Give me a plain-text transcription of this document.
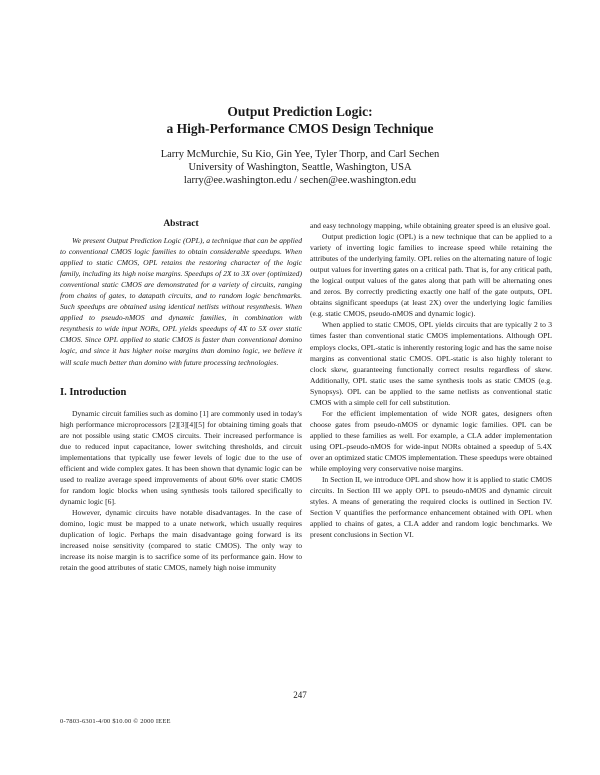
Output Prediction Logic:
a High-Performance CMOS Design Technique
Larry McMurchie, Su Kio, Gin Yee, Tyler Thorp, and Carl Sechen
University of Washington, Seattle, Washington, USA
larry@ee.washington.edu / sechen@ee.washington.edu
Abstract

We present Output Prediction Logic (OPL), a technique that can be applied to conventional CMOS logic families to obtain considerable speedups. When applied to static CMOS, OPL retains the restoring character of the logic family, including its high noise margins. Speedups of 2X to 3X over (optimized) conventional static CMOS are demonstrated for a variety of circuits, ranging from chains of gates, to datapath circuits, and to random logic benchmarks. Such speedups are obtained using identical netlists without resynthesis. When applied to pseudo-nMOS and dynamic families, in combination with resynthesis to wide input NORs, OPL yields speedups of 4X to 5X over static CMOS. Since OPL applied to static CMOS is faster than conventional domino logic, and since it has higher noise margins than domino logic, we believe it will scale much better than domino with future processing technologies.

I. Introduction

Dynamic circuit families such as domino [1] are commonly used in today's high performance microprocessors [2][3][4][5] for obtaining timing goals that are not possible using static CMOS circuits. Their increased performance is due to reduced input capacitance, lower switching thresholds, and circuit implementations that typically use fewer levels of logic due to the use of efficient and wide complex gates. It has been shown that dynamic logic can be used to realize average speed improvements of about 60% over static CMOS for random logic blocks when using synthesis tools tailored specifically to dynamic logic [6].

However, dynamic circuits have notable disadvantages. In the case of domino, logic must be mapped to a unate network, which usually requires duplication of logic. Perhaps the main disadvantage going forward is its increased noise sensitivity (compared to static CMOS). The only way to increase its noise margin is to sacrifice some of its performance gain. How to retain the good attributes of static CMOS, namely high noise immunity

and easy technology mapping, while obtaining greater speed is an elusive goal.

Output prediction logic (OPL) is a new technique that can be applied to a variety of inverting logic families to increase speed while retaining the attributes of the underlying family. OPL relies on the alternating nature of logic output values for inverting gates on a critical path. That is, for any critical path, the logical output values of the gates along that path will be alternating ones and zeros. By correctly predicting exactly one half of the gate outputs, OPL obtains significant speedups (at least 2X) over the underlying logic families (e.g. static CMOS, pseudo-nMOS and dynamic logic).

When applied to static CMOS, OPL yields circuits that are typically 2 to 3 times faster than conventional static CMOS implementations. Although OPL employs clocks, OPL-static is inherently restoring logic and has the same noise margins as conventional static CMOS. OPL-static is also highly tolerant to clock skew, guaranteeing functionally correct results regardless of skew. Additionally, OPL static uses the same synthesis tools as static CMOS (e.g. Synopsys). OPL can be applied to the same netlists as conventional static CMOS with a simple cell for cell substitution.

For the efficient implementation of wide NOR gates, designers often choose gates from pseudo-nMOS or dynamic logic families. OPL can be applied to these families as well. For example, a CLA adder implementation using OPL-pseudo-nMOS for wide-input NORs obtained a speedup of 5.4X over an optimized static CMOS implementation. These speedups were obtained while employing very conservative noise margins.

In Section II, we introduce OPL and show how it is applied to static CMOS circuits. In Section III we apply OPL to pseudo-nMOS and dynamic circuit styles. A means of generating the required clocks is outlined in Section IV. Section V quantifies the performance enhancement obtained with OPL when applied to chains of gates, a CLA adder and random logic benchmarks. We present conclusions in Section VI.

247
0-7803-6301-4/00 $10.00 © 2000 IEEE
